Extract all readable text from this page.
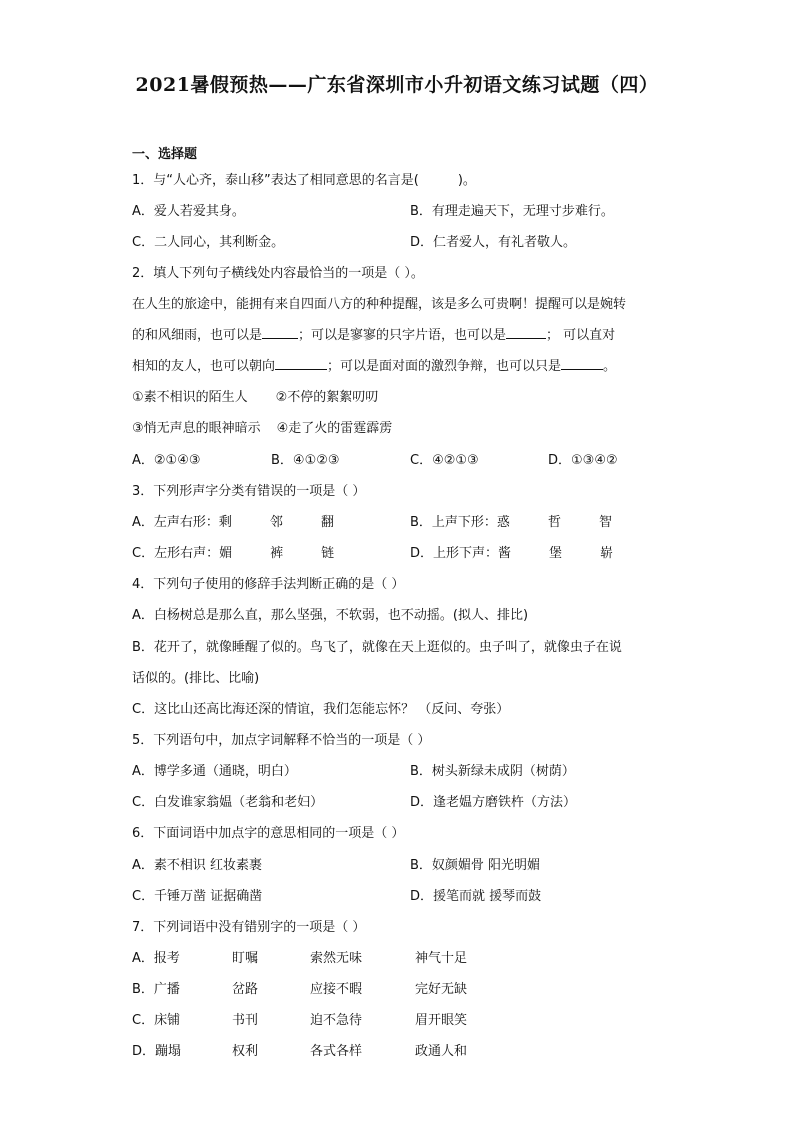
2021暑假预热——广东省深圳市小升初语文练习试题（四）
一、选择题
1．与“人心齐，泰山移”表达了相同意思的名言是(　　　)。
A．爱人若爱其身。	B．有理走遍天下，无理寸步难行。
C．二人同心，其利断金。	D．仁者爱人，有礼者敬人。
2．填人下列句子横线处内容最恰当的一项是（ ）。
在人生的旅途中，能拥有来自四面八方的种种提醒，该是多么可贵啊！提醒可以是婉转
的和风细雨，也可以是	；可以是寥寥的只字片语，也可以是	； 可以直对
相知的友人，也可以朝向	；可以是面对面的激烈争辩，也可以只是	。
①素不相识的陌生人 ②不停的絮絮叨叨
③悄无声息的眼神暗示 ④走了火的雷霆霹雳
A．②①④③	B．④①②③	C．④②①③	D．①③④②
3．下列形声字分类有错误的一项是（ ）
A．左声右形：剩	邻	翻	B．上声下形：惑	哲	智
C．左形右声：媚	裤	链	D．上形下声：酱	堡	崭
4．下列句子使用的修辞手法判断正确的是（ ）
A．白杨树总是那么直，那么坚强，不软弱，也不动摇。(拟人、排比)
B．花开了，就像睡醒了似的。鸟飞了，就像在天上逛似的。虫子叫了，就像虫子在说
话似的。(排比、比喻)
C．这比山还高比海还深的情谊，我们怎能忘怀？ （反问、夸张）
5．下列语句中，加点字词解释不恰当的一项是（ ）
A．博学多通（通晓，明白）	B．树头新绿未成阴（树荫）
C．白发谁家翁媪（老翁和老妇）	D．逢老媪方磨铁杵（方法）
6．下面词语中加点字的意思相同的一项是（ ）
A．素不相识 红妆素裹	B．奴颜媚骨 阳光明媚
C．千锤万凿 证据确凿	D．援笔而就 援琴而鼓
7．下列词语中没有错别字的一项是（ ）
A．报考	盯嘱	索然无味	神气十足
B．广播	岔路	应接不暇	完好无缺
C．床铺	书刊	迫不急待	眉开眼笑
D．蹦塌	权利	各式各样	政通人和
